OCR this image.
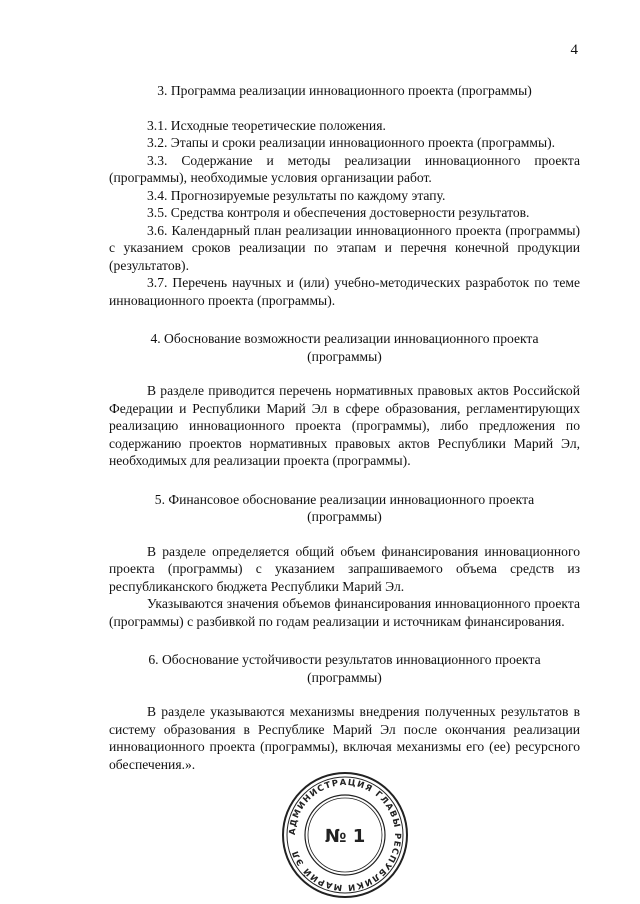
4
3. Программа реализации инновационного проекта (программы)

3.1. Исходные теоретические положения.

3.2. Этапы и сроки реализации инновационного проекта (программы).

3.3. Содержание и методы реализации инновационного проекта (программы), необходимые условия организации работ.

3.4. Прогнозируемые результаты по каждому этапу.

3.5. Средства контроля и обеспечения достоверности результатов.

3.6. Календарный план реализации инновационного проекта (программы) с указанием сроков реализации по этапам и перечня конечной продукции (результатов).

3.7. Перечень научных и (или) учебно-методических разработок по теме инновационного проекта (программы).

4. Обоснование возможности реализации инновационного проекта
(программы)

В разделе приводится перечень нормативных правовых актов Российской Федерации и Республики Марий Эл в сфере образования, регламентирующих реализацию инновационного проекта (программы), либо предложения по содержанию проектов нормативных правовых актов Республики Марий Эл, необходимых для реализации проекта (программы).

5. Финансовое обоснование реализации инновационного проекта
(программы)

В разделе определяется общий объем финансирования инновационного проекта (программы) с указанием запрашиваемого объема средств из республиканского бюджета Республики Марий Эл.

Указываются значения объемов финансирования инновационного проекта (программы) с разбивкой по годам реализации и источникам финансирования.

6. Обоснование устойчивости результатов инновационного проекта
(программы)

В разделе указываются механизмы внедрения полученных результатов в систему образования в Республике Марий Эл после окончания реализации инновационного проекта (программы), включая механизмы его (ее) ресурсного обеспечения.».

АДМИНИСТРАЦИЯ ГЛАВЫ РЕСПУБЛИКИ МАРИЙ ЭЛ
№ 1
